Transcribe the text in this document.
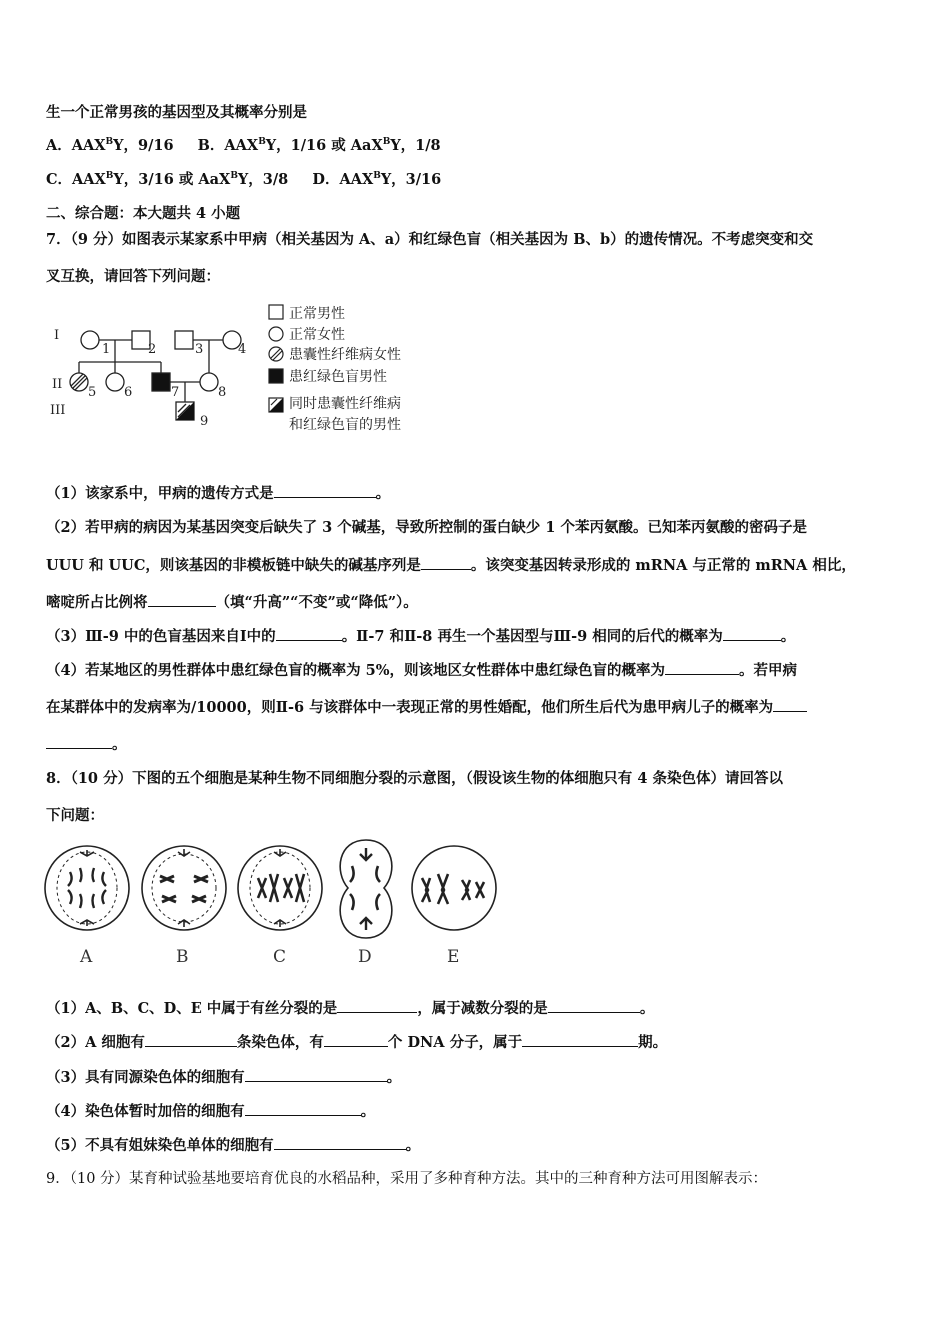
生一个正常男孩的基因型及其概率分别是
A．$AAX^BY$，9/16 B．$AAX^BY$，1/16 或 AaX$^B$Y，1/8
C．$AAX^BY$，3/16 或 AaX$^B$Y，3/8 D．$AAX^BY$，3/16
二、综合题：本大题共 4 小题
7．（9 分）如图表示某家系中甲病（相关基因为 A、a）和红绿色盲（相关基因为 B、b）的遗传情况。不考虑突变和交
叉互换，请回答下列问题：
I
II
III
1	2	3	4
5 6	7	8
9
正常男性
正常女性
患囊性纤维病女性
患红绿色盲男性
同时患囊性纤维病
和红绿色盲的男性
（1）该家系中，甲病的遗传方式是	。
（2）若甲病的病因为某基因突变后缺失了 3 个碱基，导致所控制的蛋白缺少 1 个苯丙氨酸。已知苯丙氨酸的密码子是
UUU 和 UUC，则该基因的非模板链中缺失的碱基序列是	。该突变基因转录形成的 mRNA 与正常的 mRNA 相比，
嘧啶所占比例将	（填“升高”“不变”或“降低”）。
（3）Ⅲ-9 中的色盲基因来自Ⅰ中的	。Ⅱ-7 和Ⅱ-8 再生一个基因型与Ⅲ-9 相同的后代的概率为	。
（4）若某地区的男性群体中患红绿色盲的概率为 5%，则该地区女性群体中患红绿色盲的概率为	。若甲病
在某群体中的发病率为/10000，则Ⅱ-6 与该群体中一表现正常的男性婚配，他们所生后代为患甲病儿子的概率为
。
8．（10 分）下图的五个细胞是某种生物不同细胞分裂的示意图，（假设该生物的体细胞只有 4 条染色体）请回答以
下问题：
A	B	C	D	E
（1）A、B、C、D、E 中属于有丝分裂的是	，属于减数分裂的是	。
（2）A 细胞有	条染色体，有	个 DNA 分子，属于	期。
（3）具有同源染色体的细胞有	。
（4）染色体暂时加倍的细胞有	。
（5）不具有姐妹染色单体的细胞有	。
9．（10 分）某育种试验基地要培育优良的水稻品种，采用了多种育种方法。其中的三种育种方法可用图解表示：
